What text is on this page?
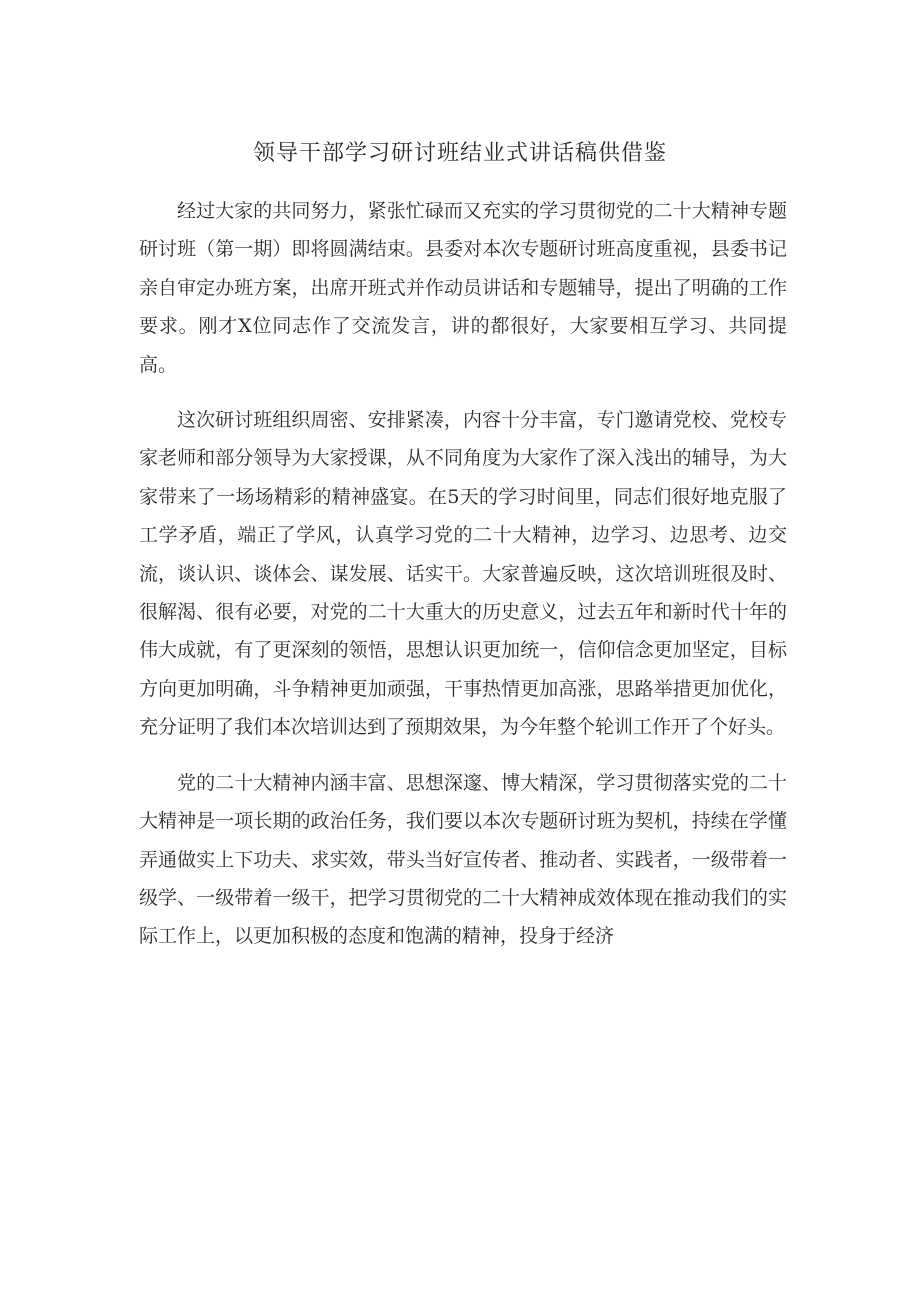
领导干部学习研讨班结业式讲话稿供借鉴

经过大家的共同努力，紧张忙碌而又充实的学习贯彻党的二十大精神专题研讨班（第一期）即将圆满结束。县委对本次专题研讨班高度重视，县委书记亲自审定办班方案，出席开班式并作动员讲话和专题辅导，提出了明确的工作要求。刚才X位同志作了交流发言，讲的都很好，大家要相互学习、共同提高。

这次研讨班组织周密、安排紧凑，内容十分丰富，专门邀请党校、党校专家老师和部分领导为大家授课，从不同角度为大家作了深入浅出的辅导，为大家带来了一场场精彩的精神盛宴。在5天的学习时间里，同志们很好地克服了工学矛盾，端正了学风，认真学习党的二十大精神，边学习、边思考、边交流，谈认识、谈体会、谋发展、话实干。大家普遍反映，这次培训班很及时、很解渴、很有必要，对党的二十大重大的历史意义，过去五年和新时代十年的伟大成就，有了更深刻的领悟，思想认识更加统一，信仰信念更加坚定，目标方向更加明确，斗争精神更加顽强，干事热情更加高涨，思路举措更加优化，充分证明了我们本次培训达到了预期效果，为今年整个轮训工作开了个好头。

党的二十大精神内涵丰富、思想深邃、博大精深，学习贯彻落实党的二十大精神是一项长期的政治任务，我们要以本次专题研讨班为契机，持续在学懂弄通做实上下功夫、求实效，带头当好宣传者、推动者、实践者，一级带着一级学、一级带着一级干，把学习贯彻党的二十大精神成效体现在推动我们的实际工作上，以更加积极的态度和饱满的精神，投身于经济
